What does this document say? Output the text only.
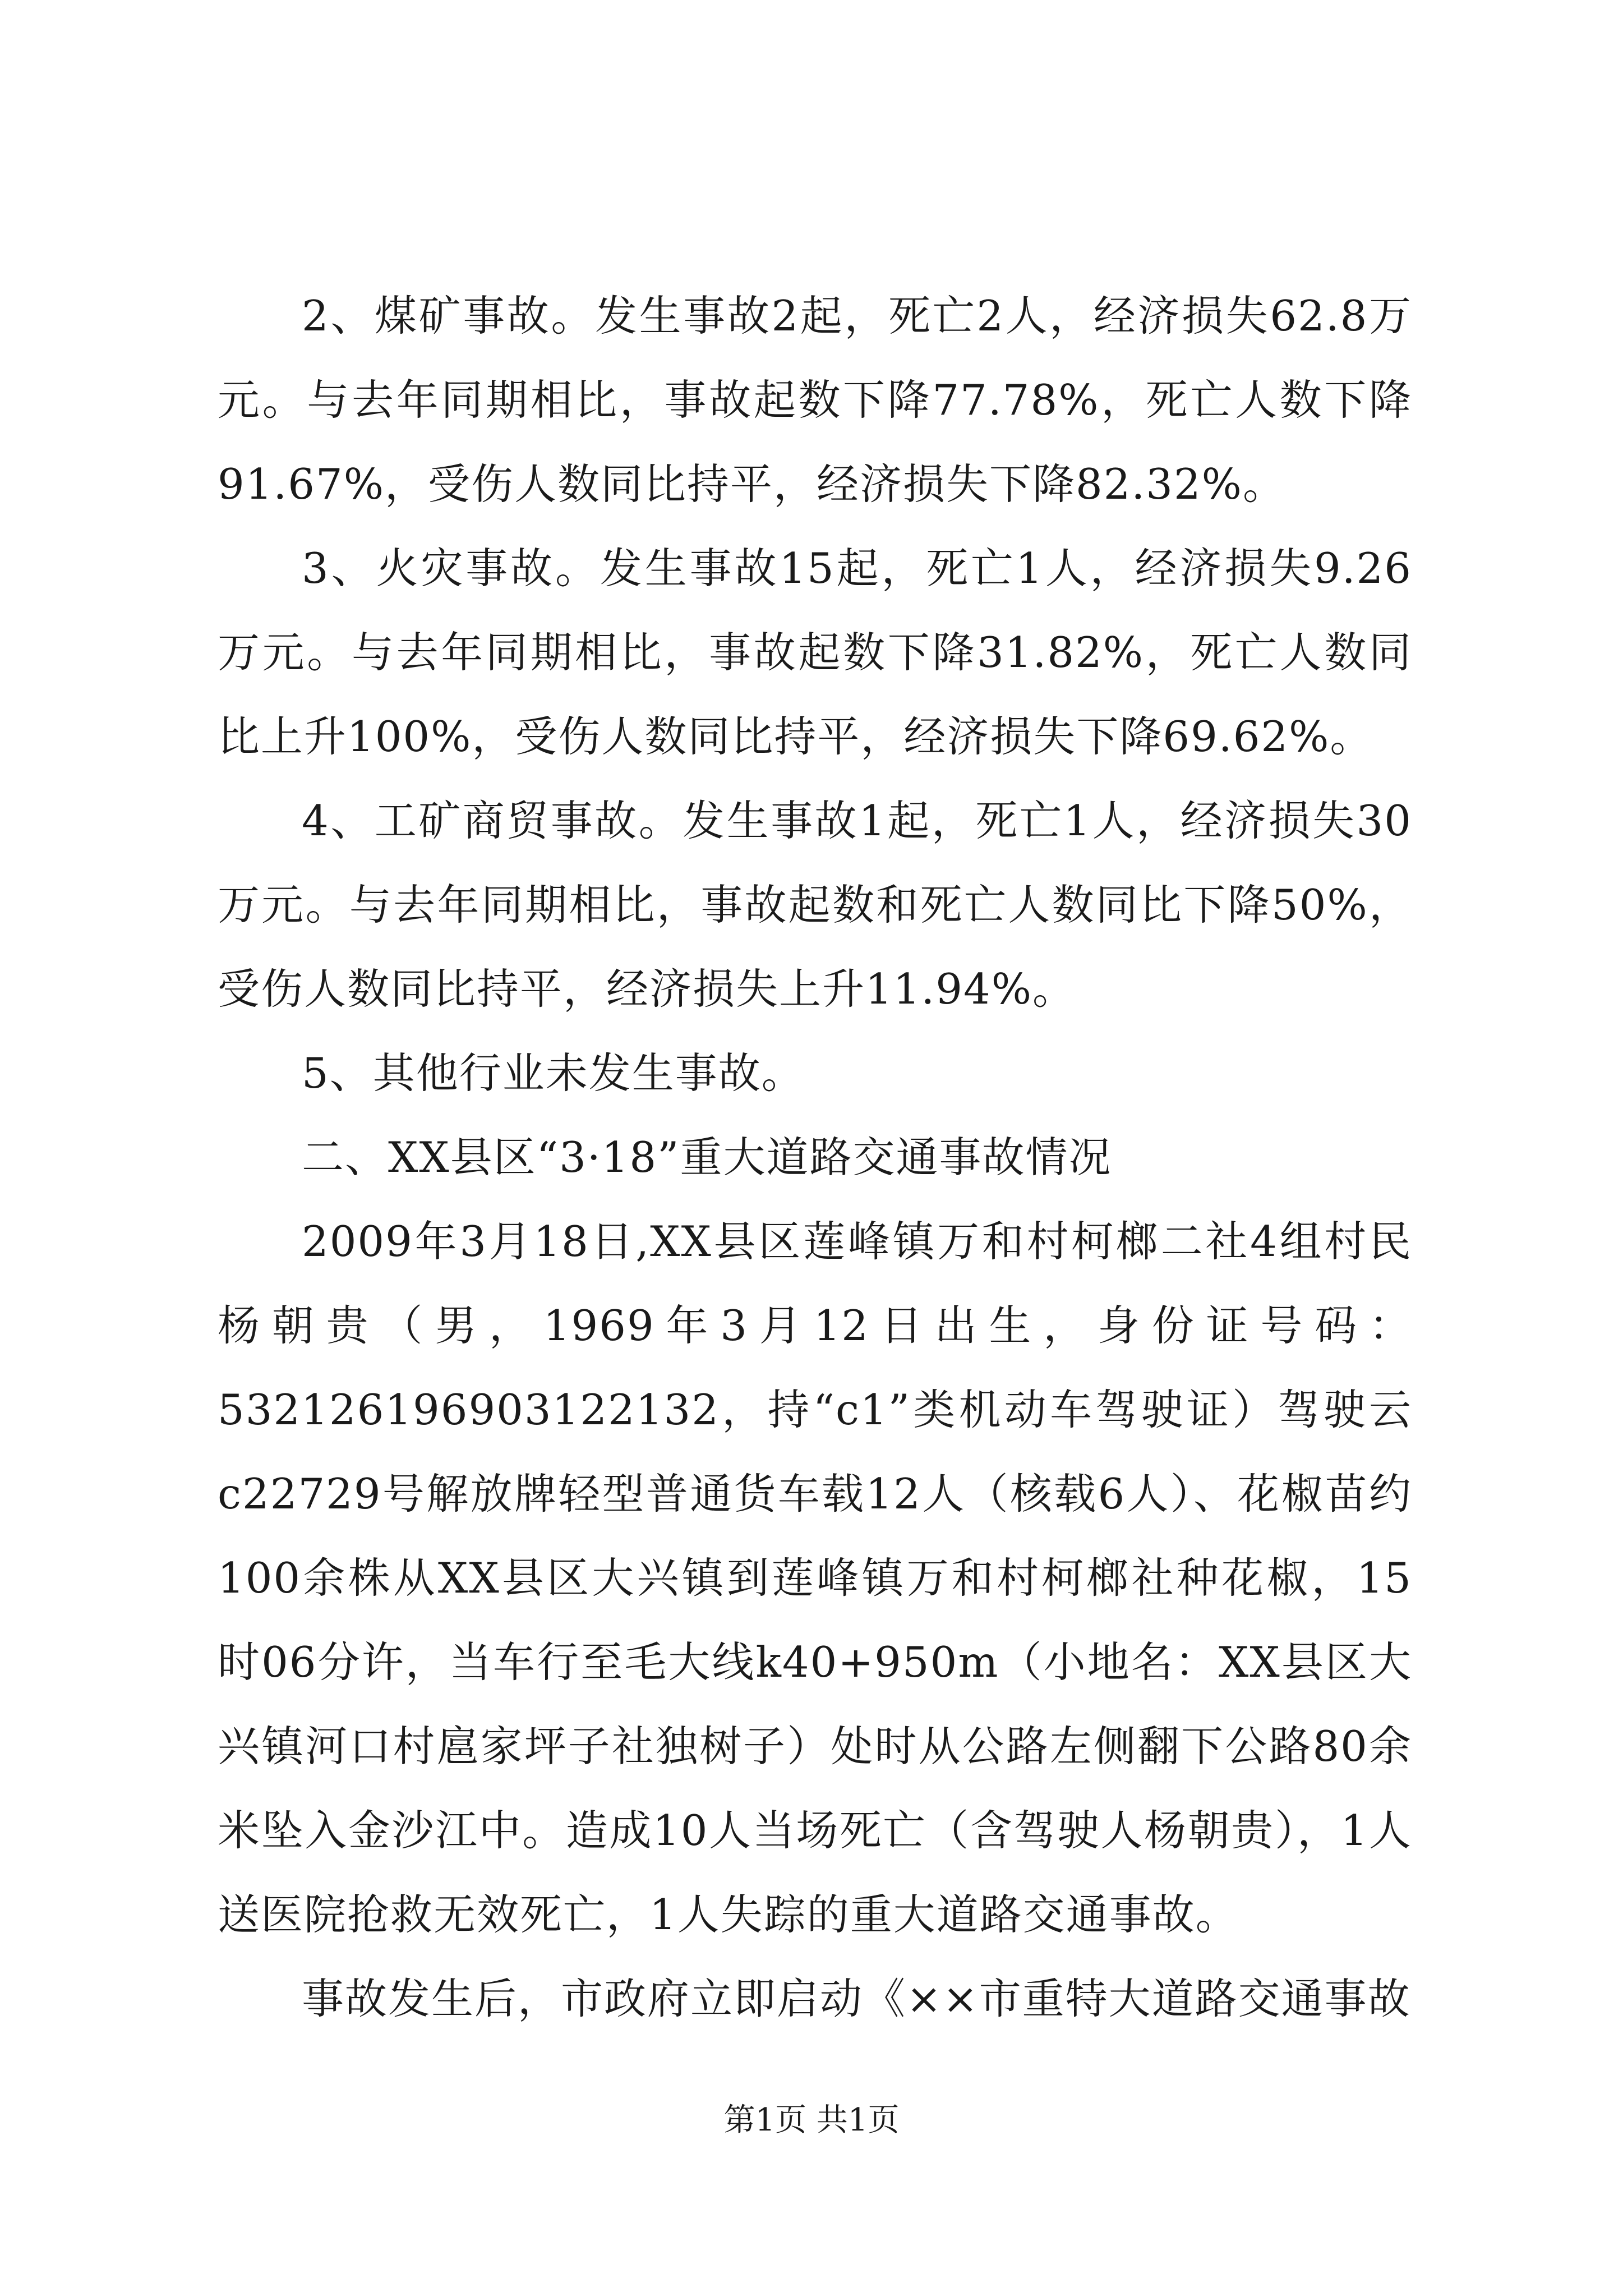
2、煤矿事故。发生事故2起，死亡2人，经济损失62.8万元。与去年同期相比，事故起数下降77.78%，死亡人数下降91.67%，受伤人数同比持平，经济损失下降82.32%。

3、火灾事故。发生事故15起，死亡1人，经济损失9.26万元。与去年同期相比，事故起数下降31.82%，死亡人数同比上升100%，受伤人数同比持平，经济损失下降69.62%。

4、工矿商贸事故。发生事故1起，死亡1人，经济损失30万元。与去年同期相比，事故起数和死亡人数同比下降50%，受伤人数同比持平，经济损失上升11.94%。

5、其他行业未发生事故。

二、XX县区“3·18”重大道路交通事故情况

2009年3月18日,XX县区莲峰镇万和村柯榔二社4组村民杨朝贵（男，1969年3月12日出生，身份证号码：532126196903122132，持“c1”类机动车驾驶证）驾驶云c22729号解放牌轻型普通货车载12人（核载6人）、花椒苗约100余株从XX县区大兴镇到莲峰镇万和村柯榔社种花椒，15时06分许，当车行至毛大线k40+950m（小地名：XX县区大兴镇河口村扈家坪子社独树子）处时从公路左侧翻下公路80余米坠入金沙江中。造成10人当场死亡（含驾驶人杨朝贵），1人送医院抢救无效死亡，1人失踪的重大道路交通事故。

事故发生后，市政府立即启动《××市重特大道路交通事故

第1页 共1页
